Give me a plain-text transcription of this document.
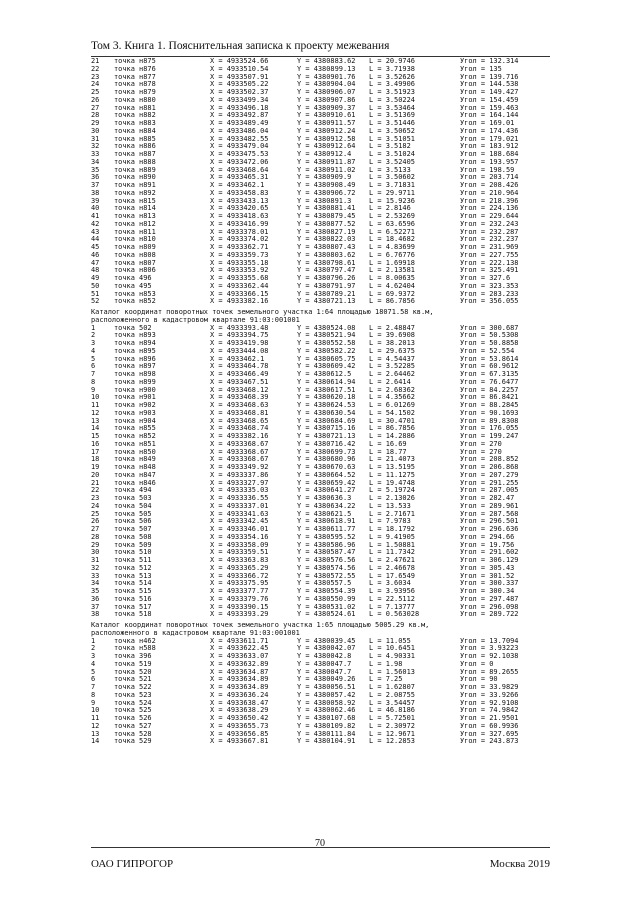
Том 3. Книга 1. Пояснительная записка к проекту межевания
21 точка н875	X = 4933524.66	Y = 4380883.62 L = 20.9746	Угол = 132.314
22 точка н876	X = 4933510.54	Y = 4380899.13 L = 3.71938	Угол = 135
23 точка н877	X = 4933507.91	Y = 4380901.76 L = 3.52626	Угол = 139.716
24 точка н878	X = 4933505.22	Y = 4380904.04 L = 3.49906	Угол = 144.538
25 точка н879	X = 4933502.37	Y = 4380906.07 L = 3.51923	Угол = 149.427
26 точка н880	X = 4933499.34	Y = 4380907.86 L = 3.50224	Угол = 154.459
27 точка н881	X = 4933496.18	Y = 4380909.37 L = 3.53464	Угол = 159.463
28 точка н882	X = 4933492.87	Y = 4380910.61 L = 3.51369	Угол = 164.144
29 точка н883	X = 4933489.49	Y = 4380911.57 L = 3.51446	Угол = 169.01
30 точка н884	X = 4933486.04	Y = 4380912.24 L = 3.50652	Угол = 174.436
31 точка н885	X = 4933482.55	Y = 4380912.58 L = 3.51051	Угол = 179.021
32 точка н886	X = 4933479.04	Y = 4380912.64 L = 3.5182	Угол = 183.912
33 точка н887	X = 4933475.53	Y = 4380912.4	L = 3.51024	Угол = 188.684
34 точка н888	X = 4933472.06	Y = 4380911.87 L = 3.52405	Угол = 193.957
35 точка н889	X = 4933468.64	Y = 4380911.02 L = 3.5133	Угол = 198.59
36 точка н890	X = 4933465.31	Y = 4380909.9	L = 3.50602	Угол = 203.714
37 точка н891	X = 4933462.1	Y = 4380908.49 L = 3.71831	Угол = 208.426
38 точка н892	X = 4933458.83	Y = 4380906.72 L = 29.9711	Угол = 210.964
39 точка н815	X = 4933433.13	Y = 4380891.3	L = 15.9236	Угол = 218.396
40 точка н814	X = 4933420.65	Y = 4380881.41 L = 2.8146	Угол = 224.136
41 точка н813	X = 4933418.63	Y = 4380879.45 L = 2.53269	Угол = 229.644
42 точка н812	X = 4933416.99	Y = 4380877.52 L = 63.6596	Угол = 232.243
43 точка н811	X = 4933378.01	Y = 4380827.19 L = 6.52271	Угол = 232.287
44 точка н810	X = 4933374.02	Y = 4380822.03 L = 18.4682	Угол = 232.237
45 точка н809	X = 4933362.71	Y = 4380807.43 L = 4.83699	Угол = 231.969
46 точка н808	X = 4933359.73	Y = 4380803.62 L = 6.76776	Угол = 227.755
47 точка н807	X = 4933355.18	Y = 4380798.61 L = 1.69918	Угол = 222.138
48 точка н806	X = 4933353.92	Y = 4380797.47 L = 2.13581	Угол = 325.491
49 точка 496	X = 4933355.68	Y = 4380796.26 L = 8.00635	Угол = 327.6
50 точка 495	X = 4933362.44	Y = 4380791.97 L = 4.62404	Угол = 323.353
51 точка н853	X = 4933366.15	Y = 4380789.21 L = 69.9372	Угол = 283.233
52 точка н852	X = 4933382.16	Y = 4380721.13 L = 86.7856	Угол = 356.055
Каталог координат поворотных точек земельного участка 1:64 площадью 18071.58 кв.м,
расположенного в кадастровом квартале 91:03:001001
1	точка 502	X = 4933393.48	Y = 4380524.08 L = 2.48847	Угол = 300.687
2	точка н893	X = 4933394.75	Y = 4380521.94 L = 39.6908	Угол = 50.5308
3	точка н894	X = 4933419.98	Y = 4380552.58 L = 38.2013	Угол = 50.8858
4	точка н895	X = 4933444.08	Y = 4380582.22 L = 29.6375	Угол = 52.554
5	точка н896	X = 4933462.1	Y = 4380605.75 L = 4.54437	Угол = 53.8614
6	точка н897	X = 4933464.78	Y = 4380609.42 L = 3.52285	Угол = 60.9612
7	точка н898	X = 4933466.49	Y = 4380612.5	L = 2.64462	Угол = 67.3135
8	точка н899	X = 4933467.51	Y = 4380614.94 L = 2.6414	Угол = 76.6477
9	точка н900	X = 4933468.12	Y = 4380617.51 L = 2.68362	Угол = 84.2257
10 точка н901	X = 4933468.39	Y = 4380620.18 L = 4.35662	Угол = 86.8421
11 точка н902	X = 4933468.63	Y = 4380624.53 L = 6.01269	Угол = 88.2845
12 точка н903	X = 4933468.81	Y = 4380630.54 L = 54.1502	Угол = 90.1693
13 точка н904	X = 4933468.65	Y = 4380684.69 L = 30.4701	Угол = 89.8308
14 точка н855	X = 4933468.74	Y = 4380715.16 L = 86.7856	Угол = 176.055
15 точка н852	X = 4933382.16	Y = 4380721.13 L = 14.2886	Угол = 199.247
16 точка н851	X = 4933368.67	Y = 4380716.42 L = 16.69	Угол = 270
17 точка н850	X = 4933368.67	Y = 4380699.73 L = 18.77	Угол = 270
18 точка н849	X = 4933368.67	Y = 4380680.96 L = 21.4073	Угол = 208.852
19 точка н848	X = 4933349.92	Y = 4380670.63 L = 13.5195	Угол = 206.868
20 точка н847	X = 4933337.86	Y = 4380664.52 L = 11.1275	Угол = 207.279
21 точка н846	X = 4933327.97	Y = 4380659.42 L = 19.4748	Угол = 291.255
22 точка 494	X = 4933335.03	Y = 4380641.27 L = 5.19724	Угол = 287.005
23 точка 503	X = 4933336.55	Y = 4380636.3	L = 2.13026	Угол = 282.47
24 точка 504	X = 4933337.01	Y = 4380634.22 L = 13.533	Угол = 289.961
25 точка 505	X = 4933341.63	Y = 4380621.5	L = 2.71671	Угол = 287.568
26 точка 506	X = 4933342.45	Y = 4380618.91 L = 7.9783	Угол = 296.501
27 точка 507	X = 4933346.01	Y = 4380611.77 L = 18.1792	Угол = 296.636
28 точка 508	X = 4933354.16	Y = 4380595.52 L = 9.41905	Угол = 294.66
29 точка 509	X = 4933358.09	Y = 4380586.96 L = 1.50881	Угол = 19.756
30 точка 510	X = 4933359.51	Y = 4380587.47 L = 11.7342	Угол = 291.602
31 точка 511	X = 4933363.83	Y = 4380576.56 L = 2.47621	Угол = 306.129
32 точка 512	X = 4933365.29	Y = 4380574.56 L = 2.46678	Угол = 305.43
33 точка 513	X = 4933366.72	Y = 4380572.55 L = 17.6549	Угол = 301.52
34 точка 514	X = 4933375.95	Y = 4380557.5	L = 3.6034	Угол = 300.337
35 точка 515	X = 4933377.77	Y = 4380554.39 L = 3.93956	Угол = 300.34
36 точка 516	X = 4933379.76	Y = 4380550.99 L = 22.5112	Угол = 297.487
37 точка 517	X = 4933390.15	Y = 4380531.02 L = 7.13777	Угол = 296.098
38 точка 518	X = 4933393.29	Y = 4380524.61 L = 0.563028	Угол = 289.722
Каталог координат поворотных точек земельного участка 1:65 площадью 5005.29 кв.м,
расположенного в кадастровом квартале 91:03:001001
1	точка н462	X = 4933611.71	Y = 4380039.45 L = 11.055	Угол = 13.7094
2	точка н588	X = 4933622.45	Y = 4380042.07 L = 10.6451	Угол = 3.93223
3	точка 396	X = 4933633.07	Y = 4380042.8	L = 4.90331	Угол = 92.1038
4	точка 519	X = 4933632.89	Y = 4380047.7	L = 1.98	Угол = 0
5	точка 520	X = 4933634.87	Y = 4380047.7	L = 1.56013	Угол = 89.2655
6	точка 521	X = 4933634.89	Y = 4380049.26 L = 7.25	Угол = 90
7	точка 522	X = 4933634.89	Y = 4380056.51 L = 1.62807	Угол = 33.9829
8	точка 523	X = 4933636.24	Y = 4380057.42 L = 2.08755	Угол = 33.9266
9	точка 524	X = 4933638.47	Y = 4380058.92 L = 3.54457	Угол = 92.9108
10 точка 525	X = 4933638.29	Y = 4380062.46 L = 46.8186	Угол = 74.9842
11 точка 526	X = 4933650.42	Y = 4380107.68 L = 5.72501	Угол = 21.9501
12 точка 527	X = 4933655.73	Y = 4380109.82 L = 2.30972	Угол = 60.9936
13 точка 528	X = 4933656.85	Y = 4380111.84 L = 12.9671	Угол = 327.695
14 точка 529	X = 4933667.81	Y = 4380104.91 L = 12.2853	Угол = 243.873
70
ОАО ГИПРОГОР	Москва 2019
